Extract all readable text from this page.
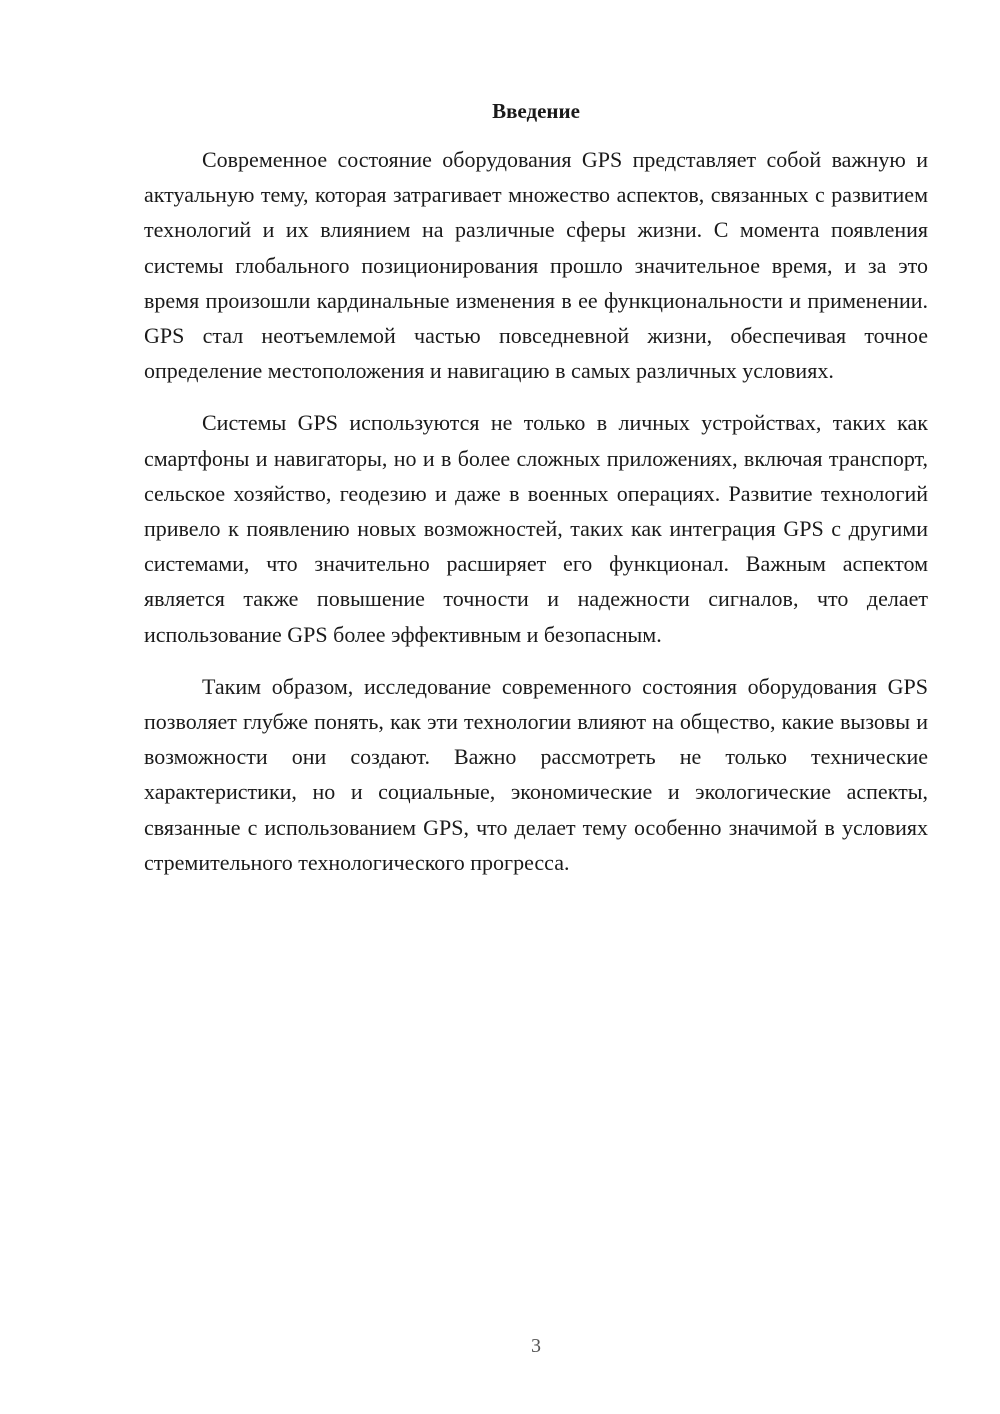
Введение

Современное состояние оборудования GPS представляет собой важную и актуальную тему, которая затрагивает множество аспектов, связанных с развитием технологий и их влиянием на различные сферы жизни. С момента появления системы глобального позиционирования прошло значительное время, и за это время произошли кардинальные изменения в ее функциональности и применении. GPS стал неотъемлемой частью повседневной жизни, обеспечивая точное определение местоположения и навигацию в самых различных условиях.

Системы GPS используются не только в личных устройствах, таких как смартфоны и навигаторы, но и в более сложных приложениях, включая транспорт, сельское хозяйство, геодезию и даже в военных операциях. Развитие технологий привело к появлению новых возможностей, таких как интеграция GPS с другими системами, что значительно расширяет его функционал. Важным аспектом является также повышение точности и надежности сигналов, что делает использование GPS более эффективным и безопасным.

Таким образом, исследование современного состояния оборудования GPS позволяет глубже понять, как эти технологии влияют на общество, какие вызовы и возможности они создают. Важно рассмотреть не только технические характеристики, но и социальные, экономические и экологические аспекты, связанные с использованием GPS, что делает тему особенно значимой в условиях стремительного технологического прогресса.

3
